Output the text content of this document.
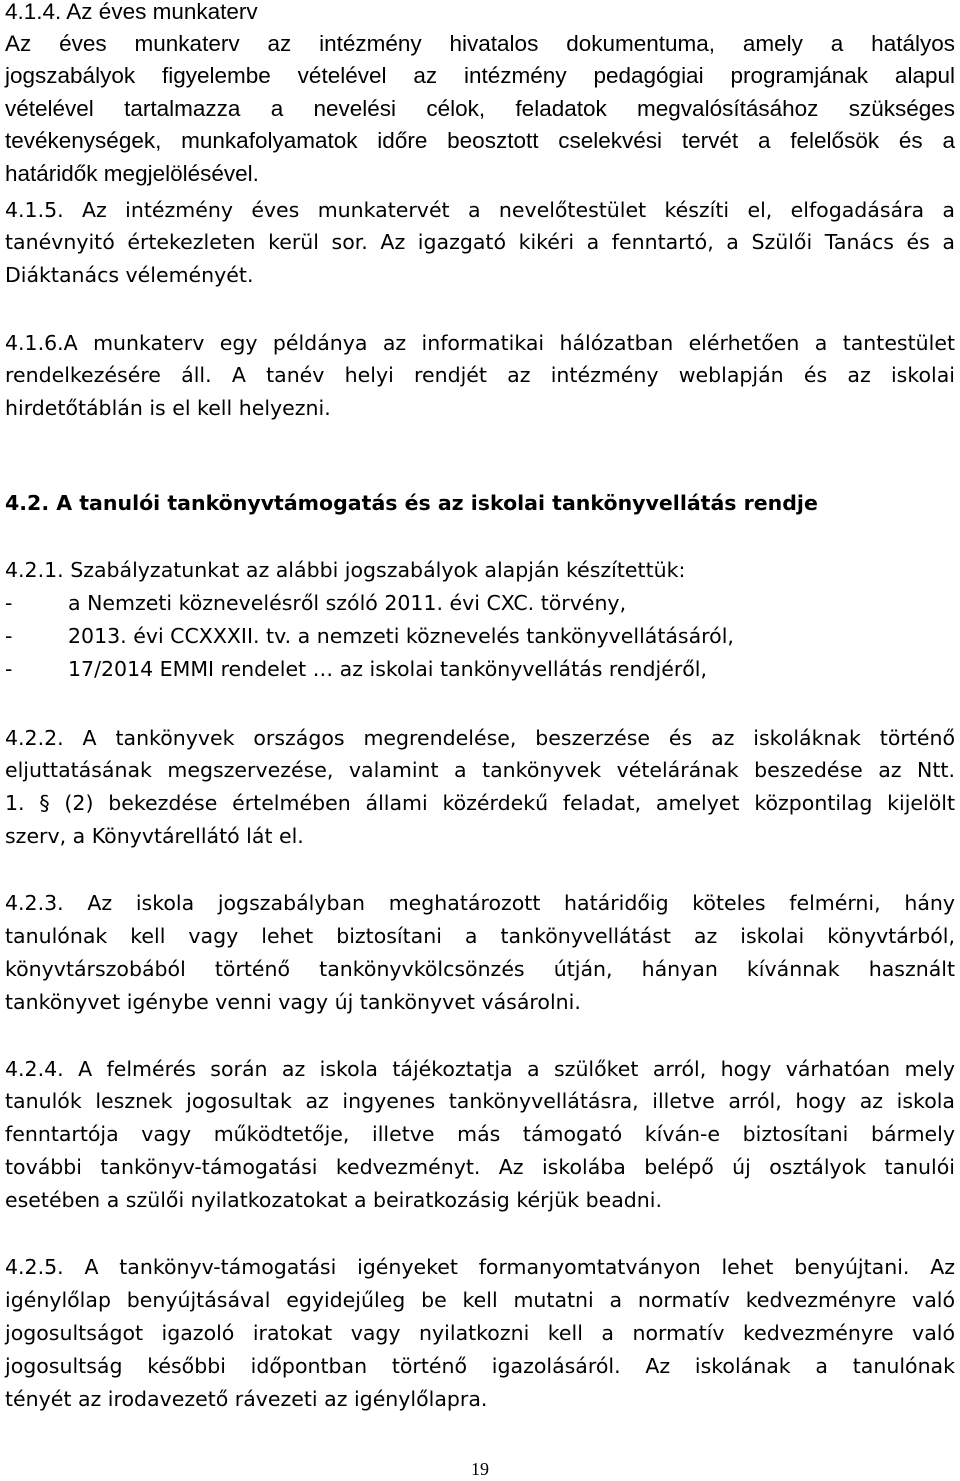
4.1.4. Az éves munkaterv
Az éves munkaterv az intézmény hivatalos dokumentuma, amely a hatályos
jogszabályok figyelembe vételével az intézmény pedagógiai programjának alapul
vételével tartalmazza a nevelési célok, feladatok megvalósításához szükséges
tevékenységek, munkafolyamatok időre beosztott cselekvési tervét a felelősök és a
határidők megjelölésével.
4.1.5. Az intézmény éves munkatervét a nevelőtestület készíti el, elfogadására a
tanévnyitó értekezleten kerül sor. Az igazgató kikéri a fenntartó, a Szülői Tanács és a
Diáktanács véleményét.
4.1.6.A munkaterv egy példánya az informatikai hálózatban elérhetően a tantestület
rendelkezésére áll. A tanév helyi rendjét az intézmény weblapján és az iskolai
hirdetőtáblán is el kell helyezni.
4.2. A tanulói tankönyvtámogatás és az iskolai tankönyvellátás rendje
4.2.1. Szabályzatunkat az alábbi jogszabályok alapján készítettük:
-	a Nemzeti köznevelésről szóló 2011. évi CXC. törvény,
-	2013. évi CCXXXII. tv. a nemzeti köznevelés tankönyvellátásáról,
-	17/2014 EMMI rendelet … az iskolai tankönyvellátás rendjéről,
4.2.2. A tankönyvek országos megrendelése, beszerzése és az iskoláknak történő
eljuttatásának megszervezése, valamint a tankönyvek vételárának beszedése az Ntt.
1. § (2) bekezdése értelmében állami közérdekű feladat, amelyet központilag kijelölt
szerv, a Könyvtárellátó lát el.
4.2.3. Az iskola jogszabályban meghatározott határidőig köteles felmérni, hány
tanulónak kell vagy lehet biztosítani a tankönyvellátást az iskolai könyvtárból,
könyvtárszobából történő tankönyvkölcsönzés útján, hányan kívánnak használt
tankönyvet igénybe venni vagy új tankönyvet vásárolni.
4.2.4. A felmérés során az iskola tájékoztatja a szülőket arról, hogy várhatóan mely
tanulók lesznek jogosultak az ingyenes tankönyvellátásra, illetve arról, hogy az iskola
fenntartója vagy működtetője, illetve más támogató kíván-e biztosítani bármely
további tankönyv-támogatási kedvezményt. Az iskolába belépő új osztályok tanulói
esetében a szülői nyilatkozatokat a beiratkozásig kérjük beadni.
4.2.5. A tankönyv-támogatási igényeket formanyomtatványon lehet benyújtani. Az
igénylőlap benyújtásával egyidejűleg be kell mutatni a normatív kedvezményre való
jogosultságot igazoló iratokat vagy nyilatkozni kell a normatív kedvezményre való
jogosultság későbbi időpontban történő igazolásáról. Az iskolának a tanulónak
tényét az irodavezető rávezeti az igénylőlapra.
19
